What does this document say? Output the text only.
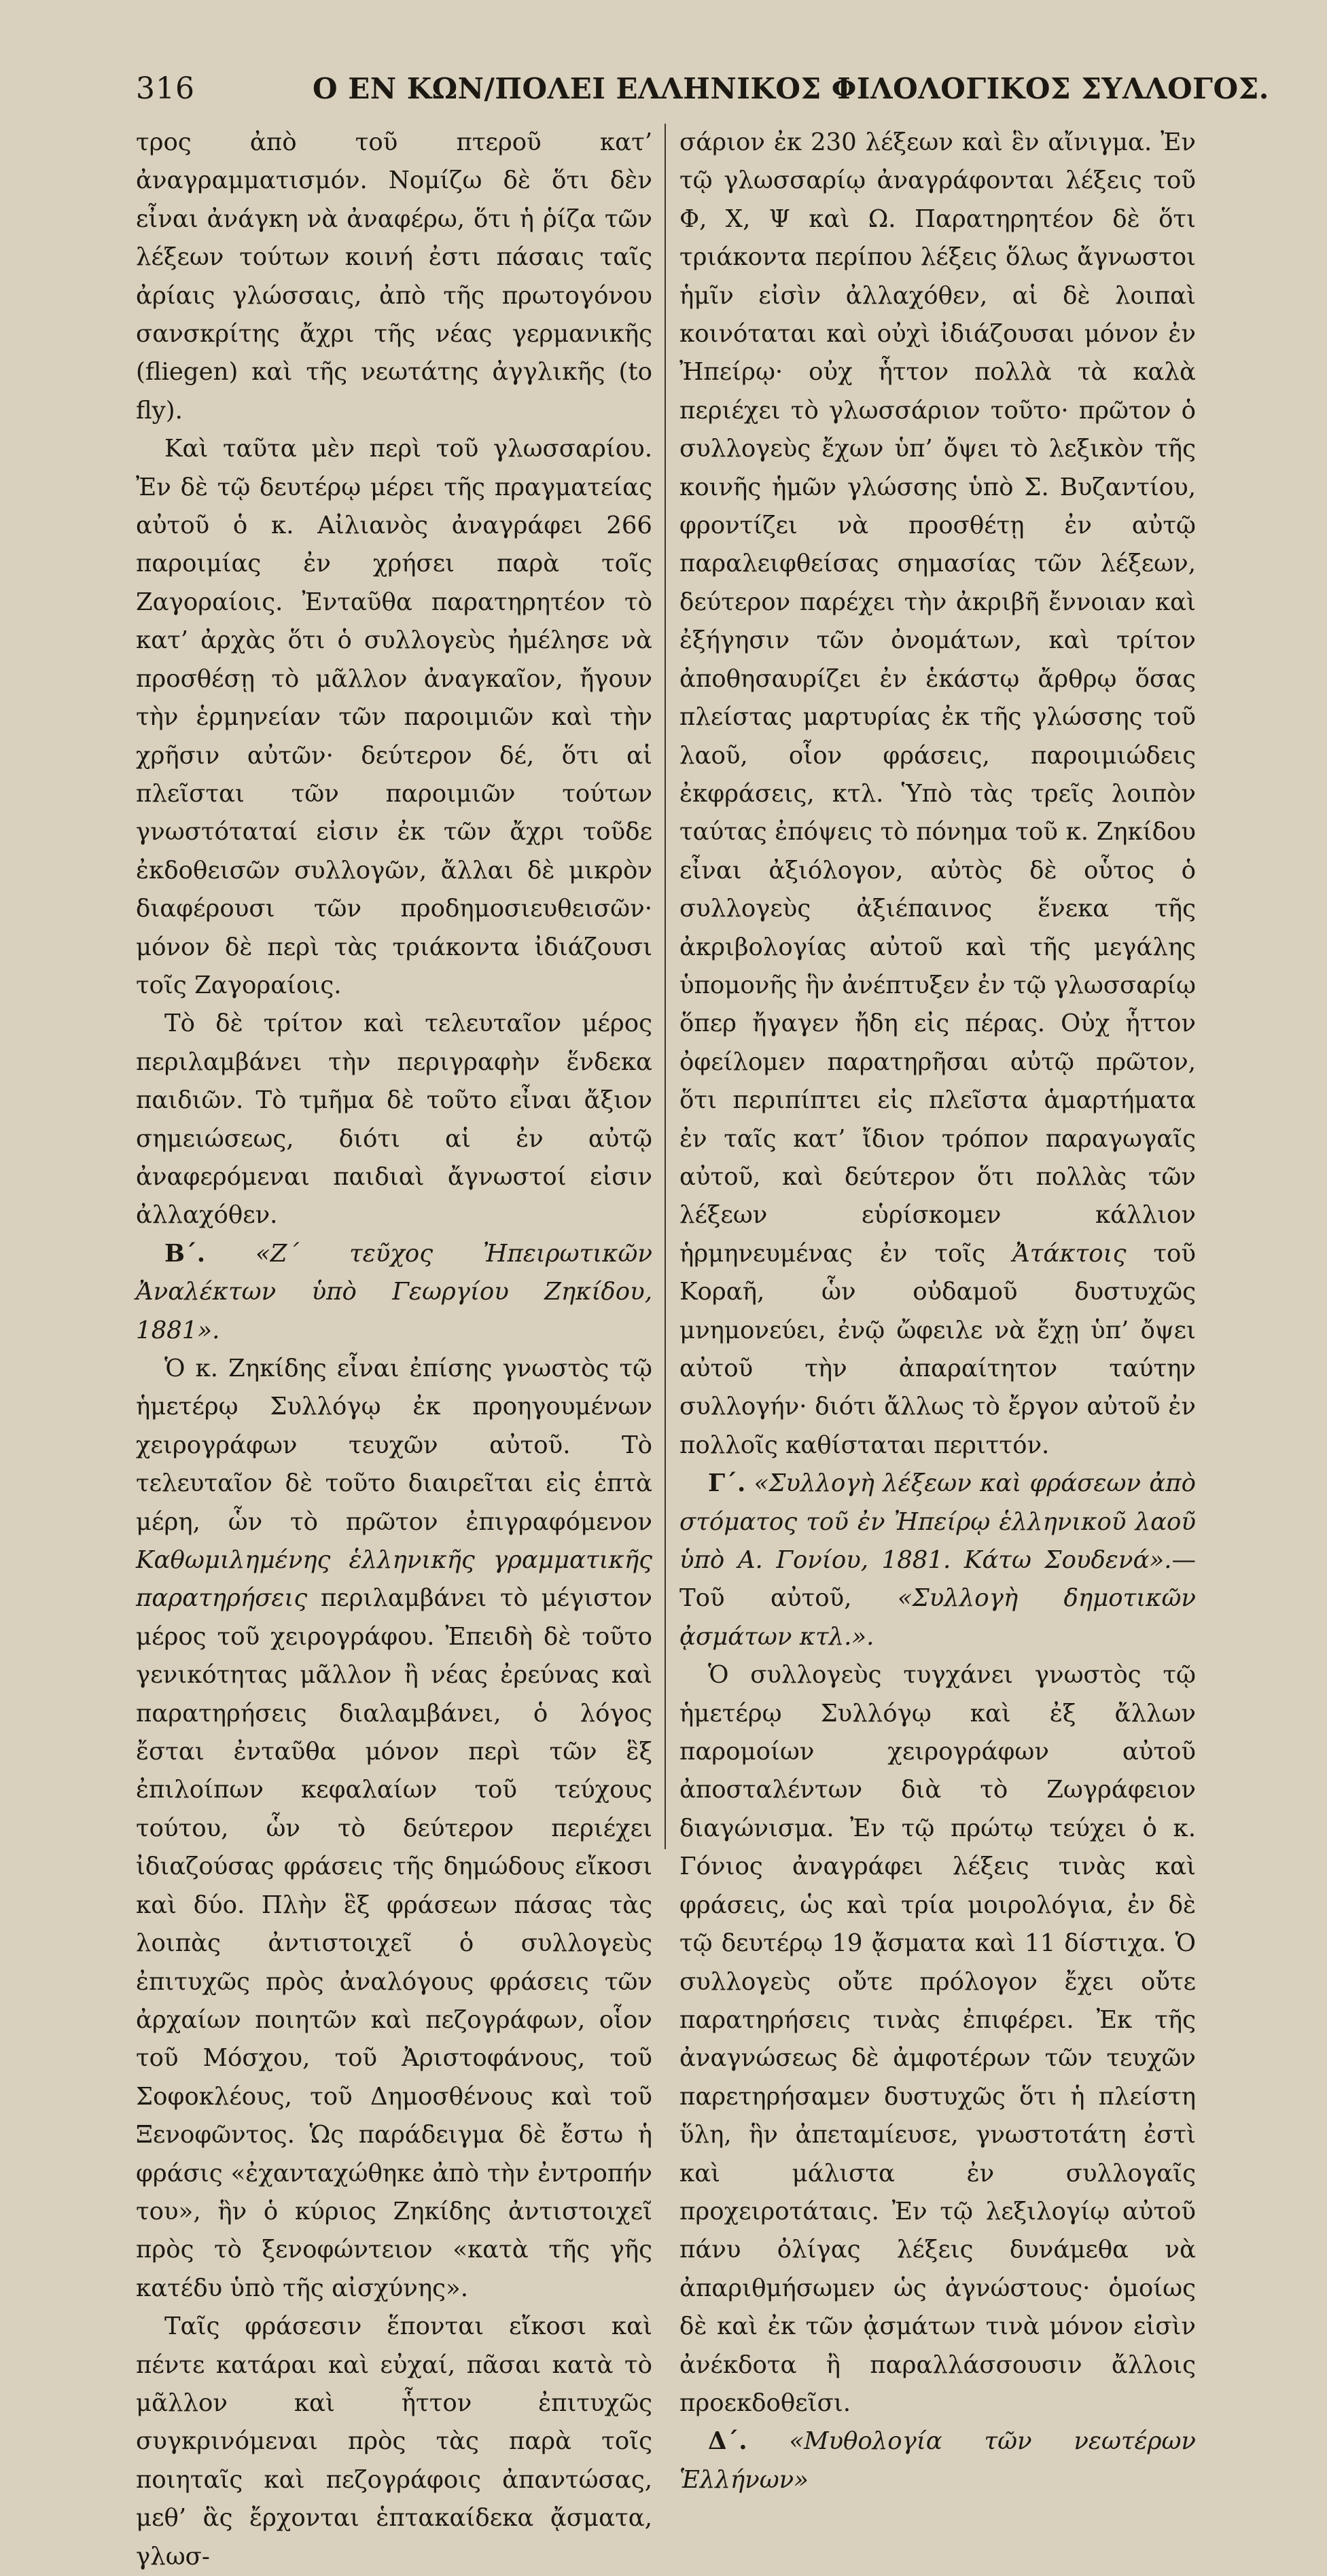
316	Ο ΕΝ ΚΩΝ/ΠΟΛΕΙ ΕΛΛΗΝΙΚΟΣ ΦΙΛΟΛΟΓΙΚΟΣ ΣΥΛΛΟΓΟΣ.

τρος ἀπὸ τοῦ πτεροῦ κατ’ ἀναγραμματισμόν. Νομίζω δὲ ὅτι δὲν εἶναι ἀνάγκη νὰ ἀναφέρω, ὅτι ἡ ῥίζα τῶν λέξεων τούτων κοινή ἐστι πάσαις ταῖς ἀρίαις γλώσσαις, ἀπὸ τῆς πρωτογόνου σανσκρίτης ἄχρι τῆς νέας γερμανικῆς (fliegen) καὶ τῆς νεωτάτης ἀγγλικῆς (to fly).

Καὶ ταῦτα μὲν περὶ τοῦ γλωσσαρίου. Ἐν δὲ τῷ δευτέρῳ μέρει τῆς πραγματείας αὐτοῦ ὁ κ. Αἰλιανὸς ἀναγράφει 266 παροιμίας ἐν χρήσει παρὰ τοῖς Ζαγοραίοις. Ἐνταῦθα παρατηρητέον τὸ κατ’ ἀρχὰς ὅτι ὁ συλλογεὺς ἠμέλησε νὰ προσθέσῃ τὸ μᾶλλον ἀναγκαῖον, ἤγουν τὴν ἑρμηνείαν τῶν παροιμιῶν καὶ τὴν χρῆσιν αὐτῶν· δεύτερον δέ, ὅτι αἱ πλεῖσται τῶν παροιμιῶν τούτων γνωστόταταί εἰσιν ἐκ τῶν ἄχρι τοῦδε ἐκδοθεισῶν συλλογῶν, ἄλλαι δὲ μικρὸν διαφέρουσι τῶν προδημοσιευθεισῶν· μόνον δὲ περὶ τὰς τριάκοντα ἰδιάζουσι τοῖς Ζαγοραίοις.

Τὸ δὲ τρίτον καὶ τελευταῖον μέρος περιλαμβάνει τὴν περιγραφὴν ἕνδεκα παιδιῶν. Τὸ τμῆμα δὲ τοῦτο εἶναι ἄξιον σημειώσεως, διότι αἱ ἐν αὐτῷ ἀναφερόμεναι παιδιαὶ ἄγνωστοί εἰσιν ἀλλαχόθεν.

Β΄. «Ζ΄ τεῦχος Ἠπειρωτικῶν Ἀναλέκτων ὑπὸ Γεωργίου Ζηκίδου, 1881».

Ὁ κ. Ζηκίδης εἶναι ἐπίσης γνωστὸς τῷ ἡμετέρῳ Συλλόγῳ ἐκ προηγουμένων χειρογράφων τευχῶν αὐτοῦ. Τὸ τελευταῖον δὲ τοῦτο διαιρεῖται εἰς ἑπτὰ μέρη, ὧν τὸ πρῶτον ἐπιγραφόμενον Καθωμιλημένης ἑλληνικῆς γραμματικῆς παρατηρήσεις περιλαμβάνει τὸ μέγιστον μέρος τοῦ χειρογράφου. Ἐπειδὴ δὲ τοῦτο γενικότητας μᾶλλον ἢ νέας ἐρεύνας καὶ παρατηρήσεις διαλαμβάνει, ὁ λόγος ἔσται ἐνταῦθα μόνον περὶ τῶν ἓξ ἐπιλοίπων κεφαλαίων τοῦ τεύχους τούτου, ὧν τὸ δεύτερον περιέχει ἰδιαζούσας φράσεις τῆς δημώδους εἴκοσι καὶ δύο. Πλὴν ἓξ φράσεων πάσας τὰς λοιπὰς ἀντιστοιχεῖ ὁ συλλογεὺς ἐπιτυχῶς πρὸς ἀναλόγους φράσεις τῶν ἀρχαίων ποιητῶν καὶ πεζογράφων, οἷον τοῦ Μόσχου, τοῦ Ἀριστοφάνους, τοῦ Σοφοκλέους, τοῦ Δημοσθένους καὶ τοῦ Ξενοφῶντος. Ὡς παράδειγμα δὲ ἔστω ἡ φράσις «ἐχανταχώθηκε ἀπὸ τὴν ἐντροπήν του», ἣν ὁ κύριος Ζηκίδης ἀντιστοιχεῖ πρὸς τὸ ξενοφώντειον «κατὰ τῆς γῆς κατέδυ ὑπὸ τῆς αἰσχύνης».

Ταῖς φράσεσιν ἕπονται εἴκοσι καὶ πέντε κατάραι καὶ εὐχαί, πᾶσαι κατὰ τὸ μᾶλλον καὶ ἧττον ἐπιτυχῶς συγκρινόμεναι πρὸς τὰς παρὰ τοῖς ποιηταῖς καὶ πεζογράφοις ἀπαντώσας, μεθ’ ἃς ἔρχονται ἑπτακαίδεκα ᾄσματα, γλωσ-

σάριον ἐκ 230 λέξεων καὶ ἓν αἴνιγμα. Ἐν τῷ γλωσσαρίῳ ἀναγράφονται λέξεις τοῦ Φ, Χ, Ψ καὶ Ω. Παρατηρητέον δὲ ὅτι τριάκοντα περίπου λέξεις ὅλως ἄγνωστοι ἡμῖν εἰσὶν ἀλλαχόθεν, αἱ δὲ λοιπαὶ κοινόταται καὶ οὐχὶ ἰδιάζουσαι μόνον ἐν Ἠπείρῳ· οὐχ ἧττον πολλὰ τὰ καλὰ περιέχει τὸ γλωσσάριον τοῦτο· πρῶτον ὁ συλλογεὺς ἔχων ὑπ’ ὄψει τὸ λεξικὸν τῆς κοινῆς ἡμῶν γλώσσης ὑπὸ Σ. Βυζαντίου, φροντίζει νὰ προσθέτῃ ἐν αὐτῷ παραλειφθείσας σημασίας τῶν λέξεων, δεύτερον παρέχει τὴν ἀκριβῆ ἔννοιαν καὶ ἐξήγησιν τῶν ὀνομάτων, καὶ τρίτον ἀποθησαυρίζει ἐν ἑκάστῳ ἄρθρῳ ὅσας πλείστας μαρτυρίας ἐκ τῆς γλώσσης τοῦ λαοῦ, οἷον φράσεις, παροιμιώδεις ἐκφράσεις, κτλ. Ὑπὸ τὰς τρεῖς λοιπὸν ταύτας ἐπόψεις τὸ πόνημα τοῦ κ. Ζηκίδου εἶναι ἀξιόλογον, αὐτὸς δὲ οὗτος ὁ συλλογεὺς ἀξιέπαινος ἕνεκα τῆς ἀκριβολογίας αὐτοῦ καὶ τῆς μεγάλης ὑπομονῆς ἣν ἀνέπτυξεν ἐν τῷ γλωσσαρίῳ ὅπερ ἤγαγεν ἤδη εἰς πέρας. Οὐχ ἧττον ὀφείλομεν παρατηρῆσαι αὐτῷ πρῶτον, ὅτι περιπίπτει εἰς πλεῖστα ἁμαρτήματα ἐν ταῖς κατ’ ἴδιον τρόπον παραγωγαῖς αὐτοῦ, καὶ δεύτερον ὅτι πολλὰς τῶν λέξεων εὑρίσκομεν κάλλιον ἡρμηνευμένας ἐν τοῖς Ἀτάκτοις τοῦ Κοραῆ, ὧν οὐδαμοῦ δυστυχῶς μνημονεύει, ἐνῷ ὤφειλε νὰ ἔχῃ ὑπ’ ὄψει αὐτοῦ τὴν ἀπαραίτητον ταύτην συλλογήν· διότι ἄλλως τὸ ἔργον αὐτοῦ ἐν πολλοῖς καθίσταται περιττόν.

Γ΄. «Συλλογὴ λέξεων καὶ φράσεων ἀπὸ στόματος τοῦ ἐν Ἠπείρῳ ἑλληνικοῦ λαοῦ ὑπὸ Α. Γονίου, 1881. Κάτω Σουδενά».—Τοῦ αὐτοῦ, «Συλλογὴ δημοτικῶν ᾀσμάτων κτλ.».

Ὁ συλλογεὺς τυγχάνει γνωστὸς τῷ ἡμετέρῳ Συλλόγῳ καὶ ἐξ ἄλλων παρομοίων χειρογράφων αὐτοῦ ἀποσταλέντων διὰ τὸ Ζωγράφειον διαγώνισμα. Ἐν τῷ πρώτῳ τεύχει ὁ κ. Γόνιος ἀναγράφει λέξεις τινὰς καὶ φράσεις, ὡς καὶ τρία μοιρολόγια, ἐν δὲ τῷ δευτέρῳ 19 ᾄσματα καὶ 11 δίστιχα. Ὁ συλλογεὺς οὔτε πρόλογον ἔχει οὔτε παρατηρήσεις τινὰς ἐπιφέρει. Ἐκ τῆς ἀναγνώσεως δὲ ἀμφοτέρων τῶν τευχῶν παρετηρήσαμεν δυστυχῶς ὅτι ἡ πλείστη ὕλη, ἣν ἀπεταμίευσε, γνωστοτάτη ἐστὶ καὶ μάλιστα ἐν συλλογαῖς προχειροτάταις. Ἐν τῷ λεξιλογίῳ αὐτοῦ πάνυ ὀλίγας λέξεις δυνάμεθα νὰ ἀπαριθμήσωμεν ὡς ἀγνώστους· ὁμοίως δὲ καὶ ἐκ τῶν ᾀσμάτων τινὰ μόνον εἰσὶν ἀνέκδοτα ἢ παραλλάσσουσιν ἄλλοις προεκδοθεῖσι.

Δ΄. «Μυθολογία τῶν νεωτέρων Ἑλλήνων»
